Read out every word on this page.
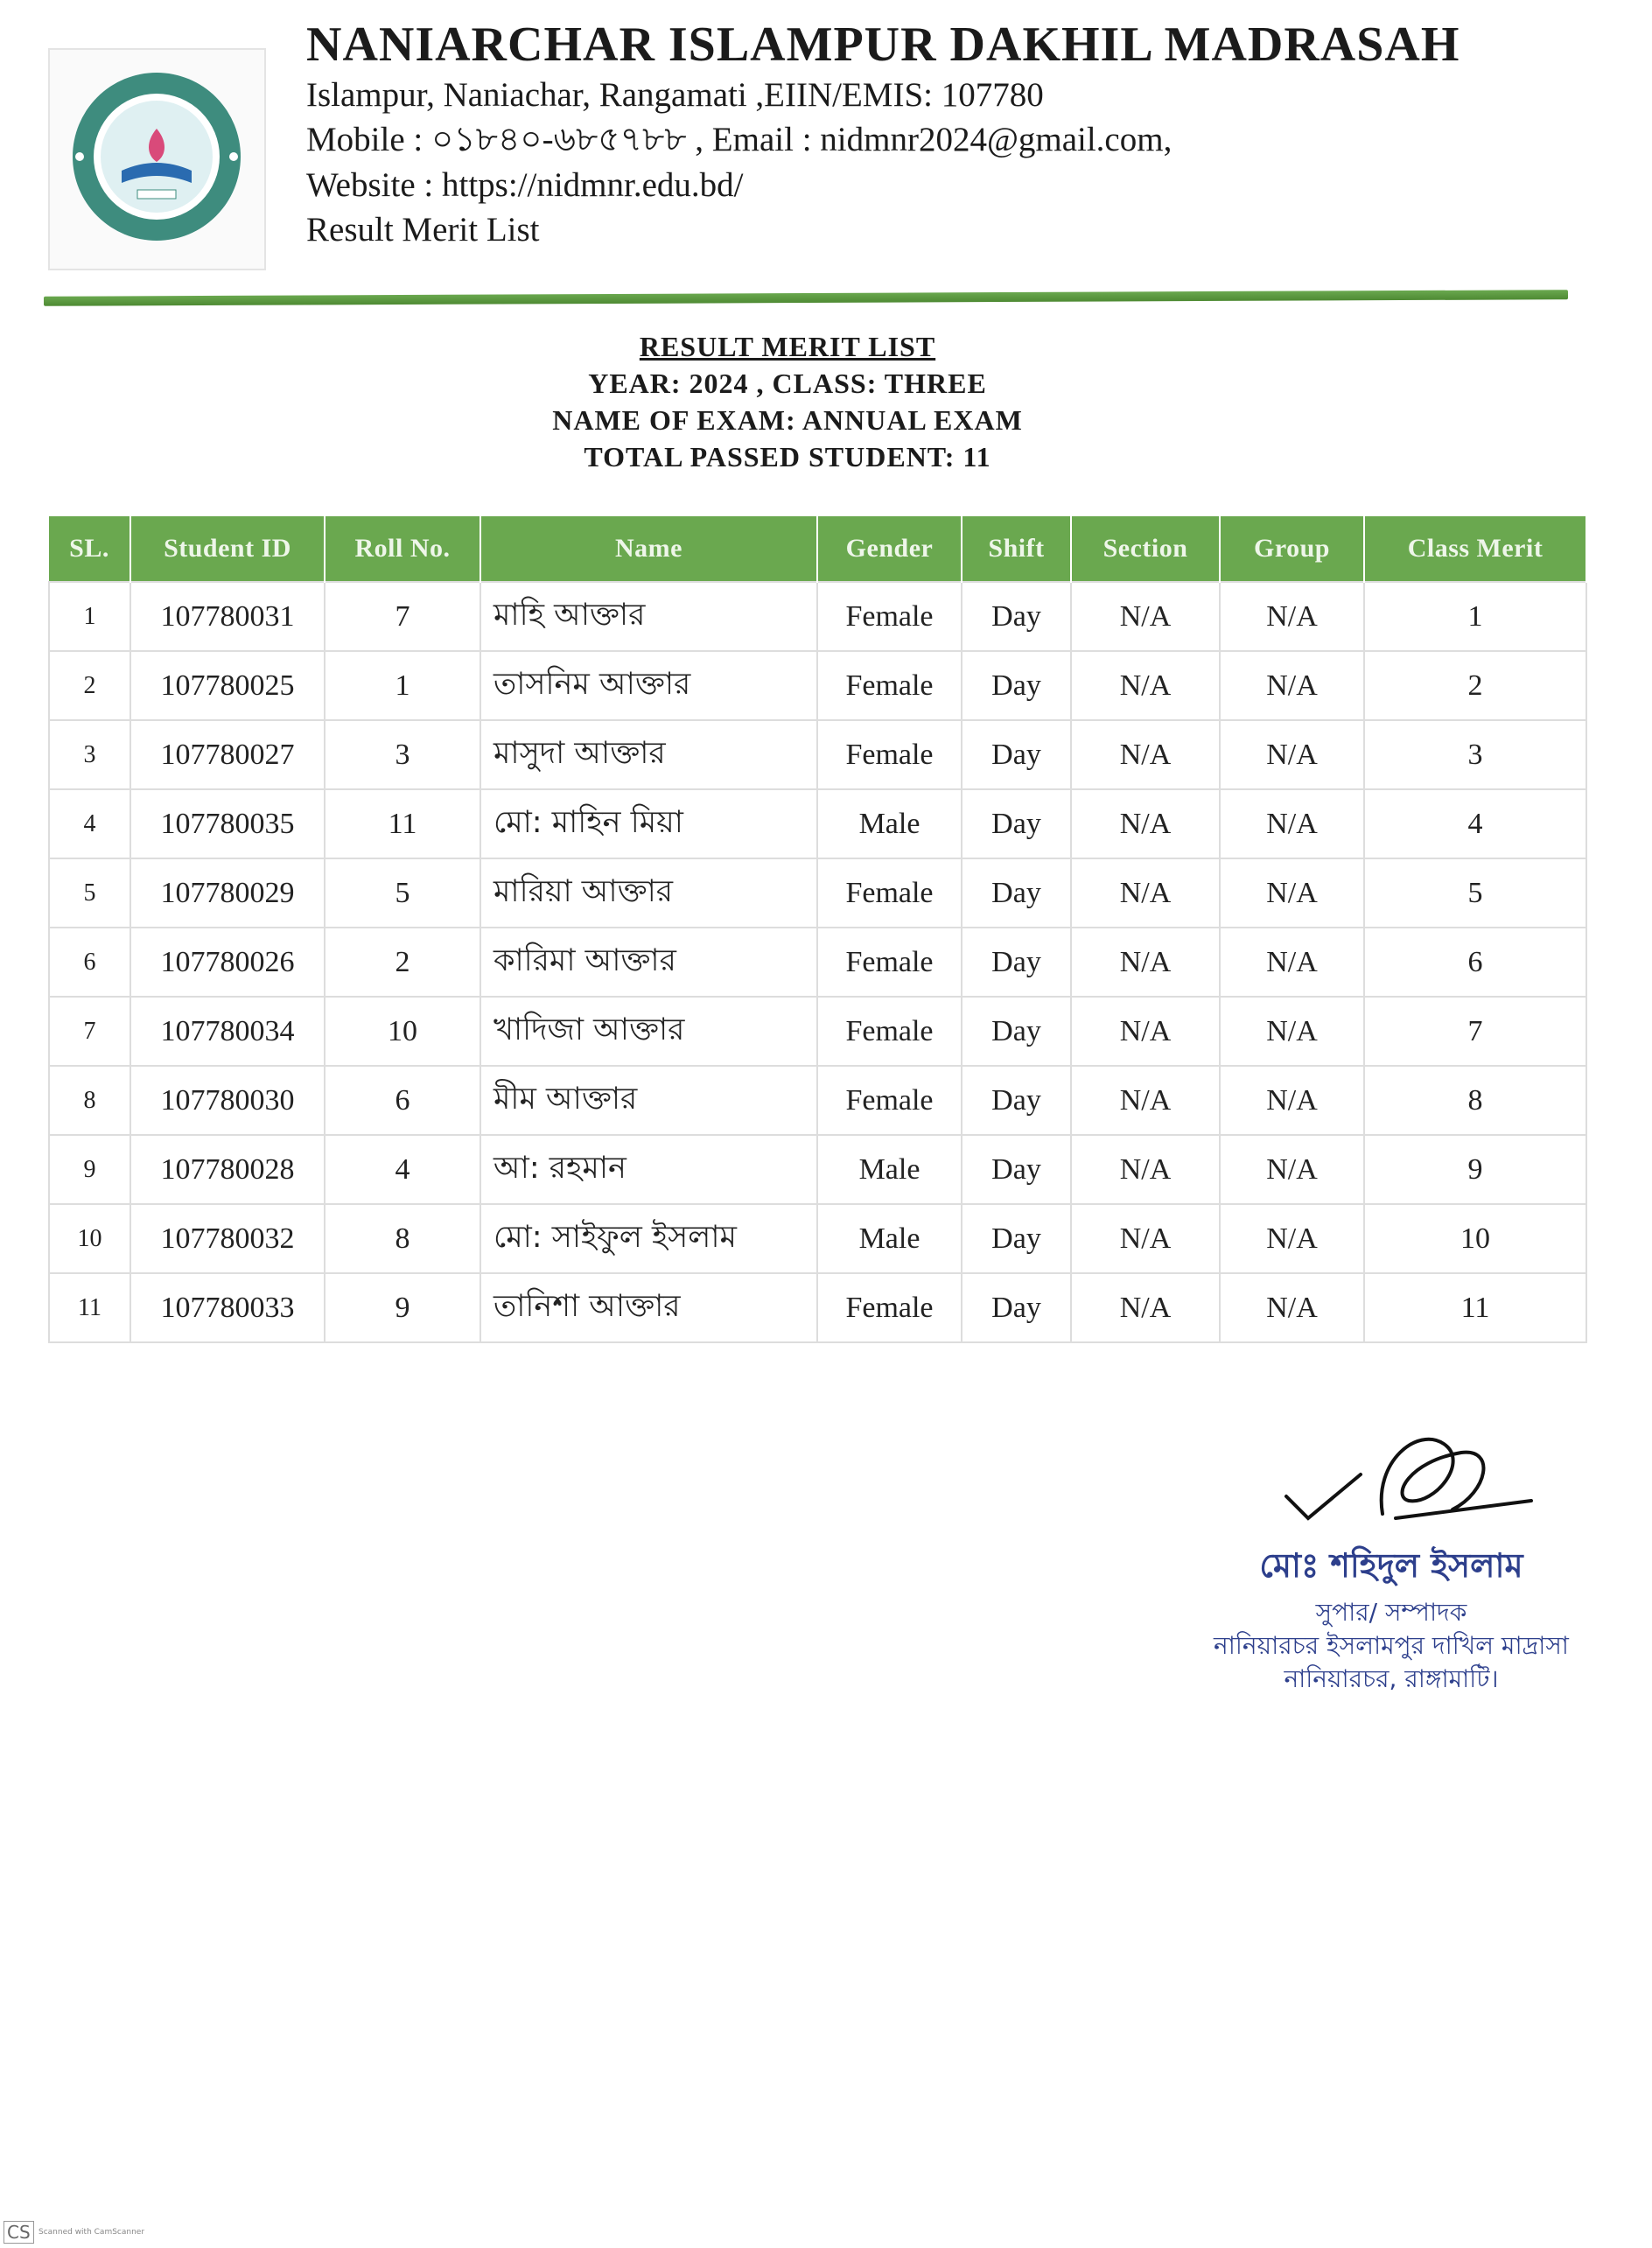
NANIARCHAR ISLAMPUR DAKHIL MADRASAH

Islampur, Naniachar, Rangamati ,EIIN/EMIS: 107780

Mobile : ০১৮৪০-৬৮৫৭৮৮ , Email : nidmnr2024@gmail.com,

Website : https://nidmnr.edu.bd/

Result Merit List

RESULT MERIT LIST
YEAR: 2024 , CLASS: THREE
NAME OF EXAM: ANNUAL EXAM
TOTAL PASSED STUDENT: 11
SL.	Student ID	Roll No.	Name	Gender	Shift	Section	Group	Class Merit
1	107780031	7	মাহি আক্তার	Female	Day	N/A	N/A	1
2	107780025	1	তাসনিম আক্তার	Female	Day	N/A	N/A	2
3	107780027	3	মাসুদা আক্তার	Female	Day	N/A	N/A	3
4	107780035	11	মো: মাহিন মিয়া	Male	Day	N/A	N/A	4
5	107780029	5	মারিয়া আক্তার	Female	Day	N/A	N/A	5
6	107780026	2	কারিমা আক্তার	Female	Day	N/A	N/A	6
7	107780034	10	খাদিজা আক্তার	Female	Day	N/A	N/A	7
8	107780030	6	মীম আক্তার	Female	Day	N/A	N/A	8
9	107780028	4	আ: রহমান	Male	Day	N/A	N/A	9
10	107780032	8	মো: সাইফুল ইসলাম	Male	Day	N/A	N/A	10
11	107780033	9	তানিশা আক্তার	Female	Day	N/A	N/A	11
মোঃ শহিদুল ইসলাম
সুপার/ সম্পাদক
নানিয়ারচর ইসলামপুর দাখিল মাদ্রাসা
নানিয়ারচর, রাঙ্গামাটি।
CS	Scanned with CamScanner
